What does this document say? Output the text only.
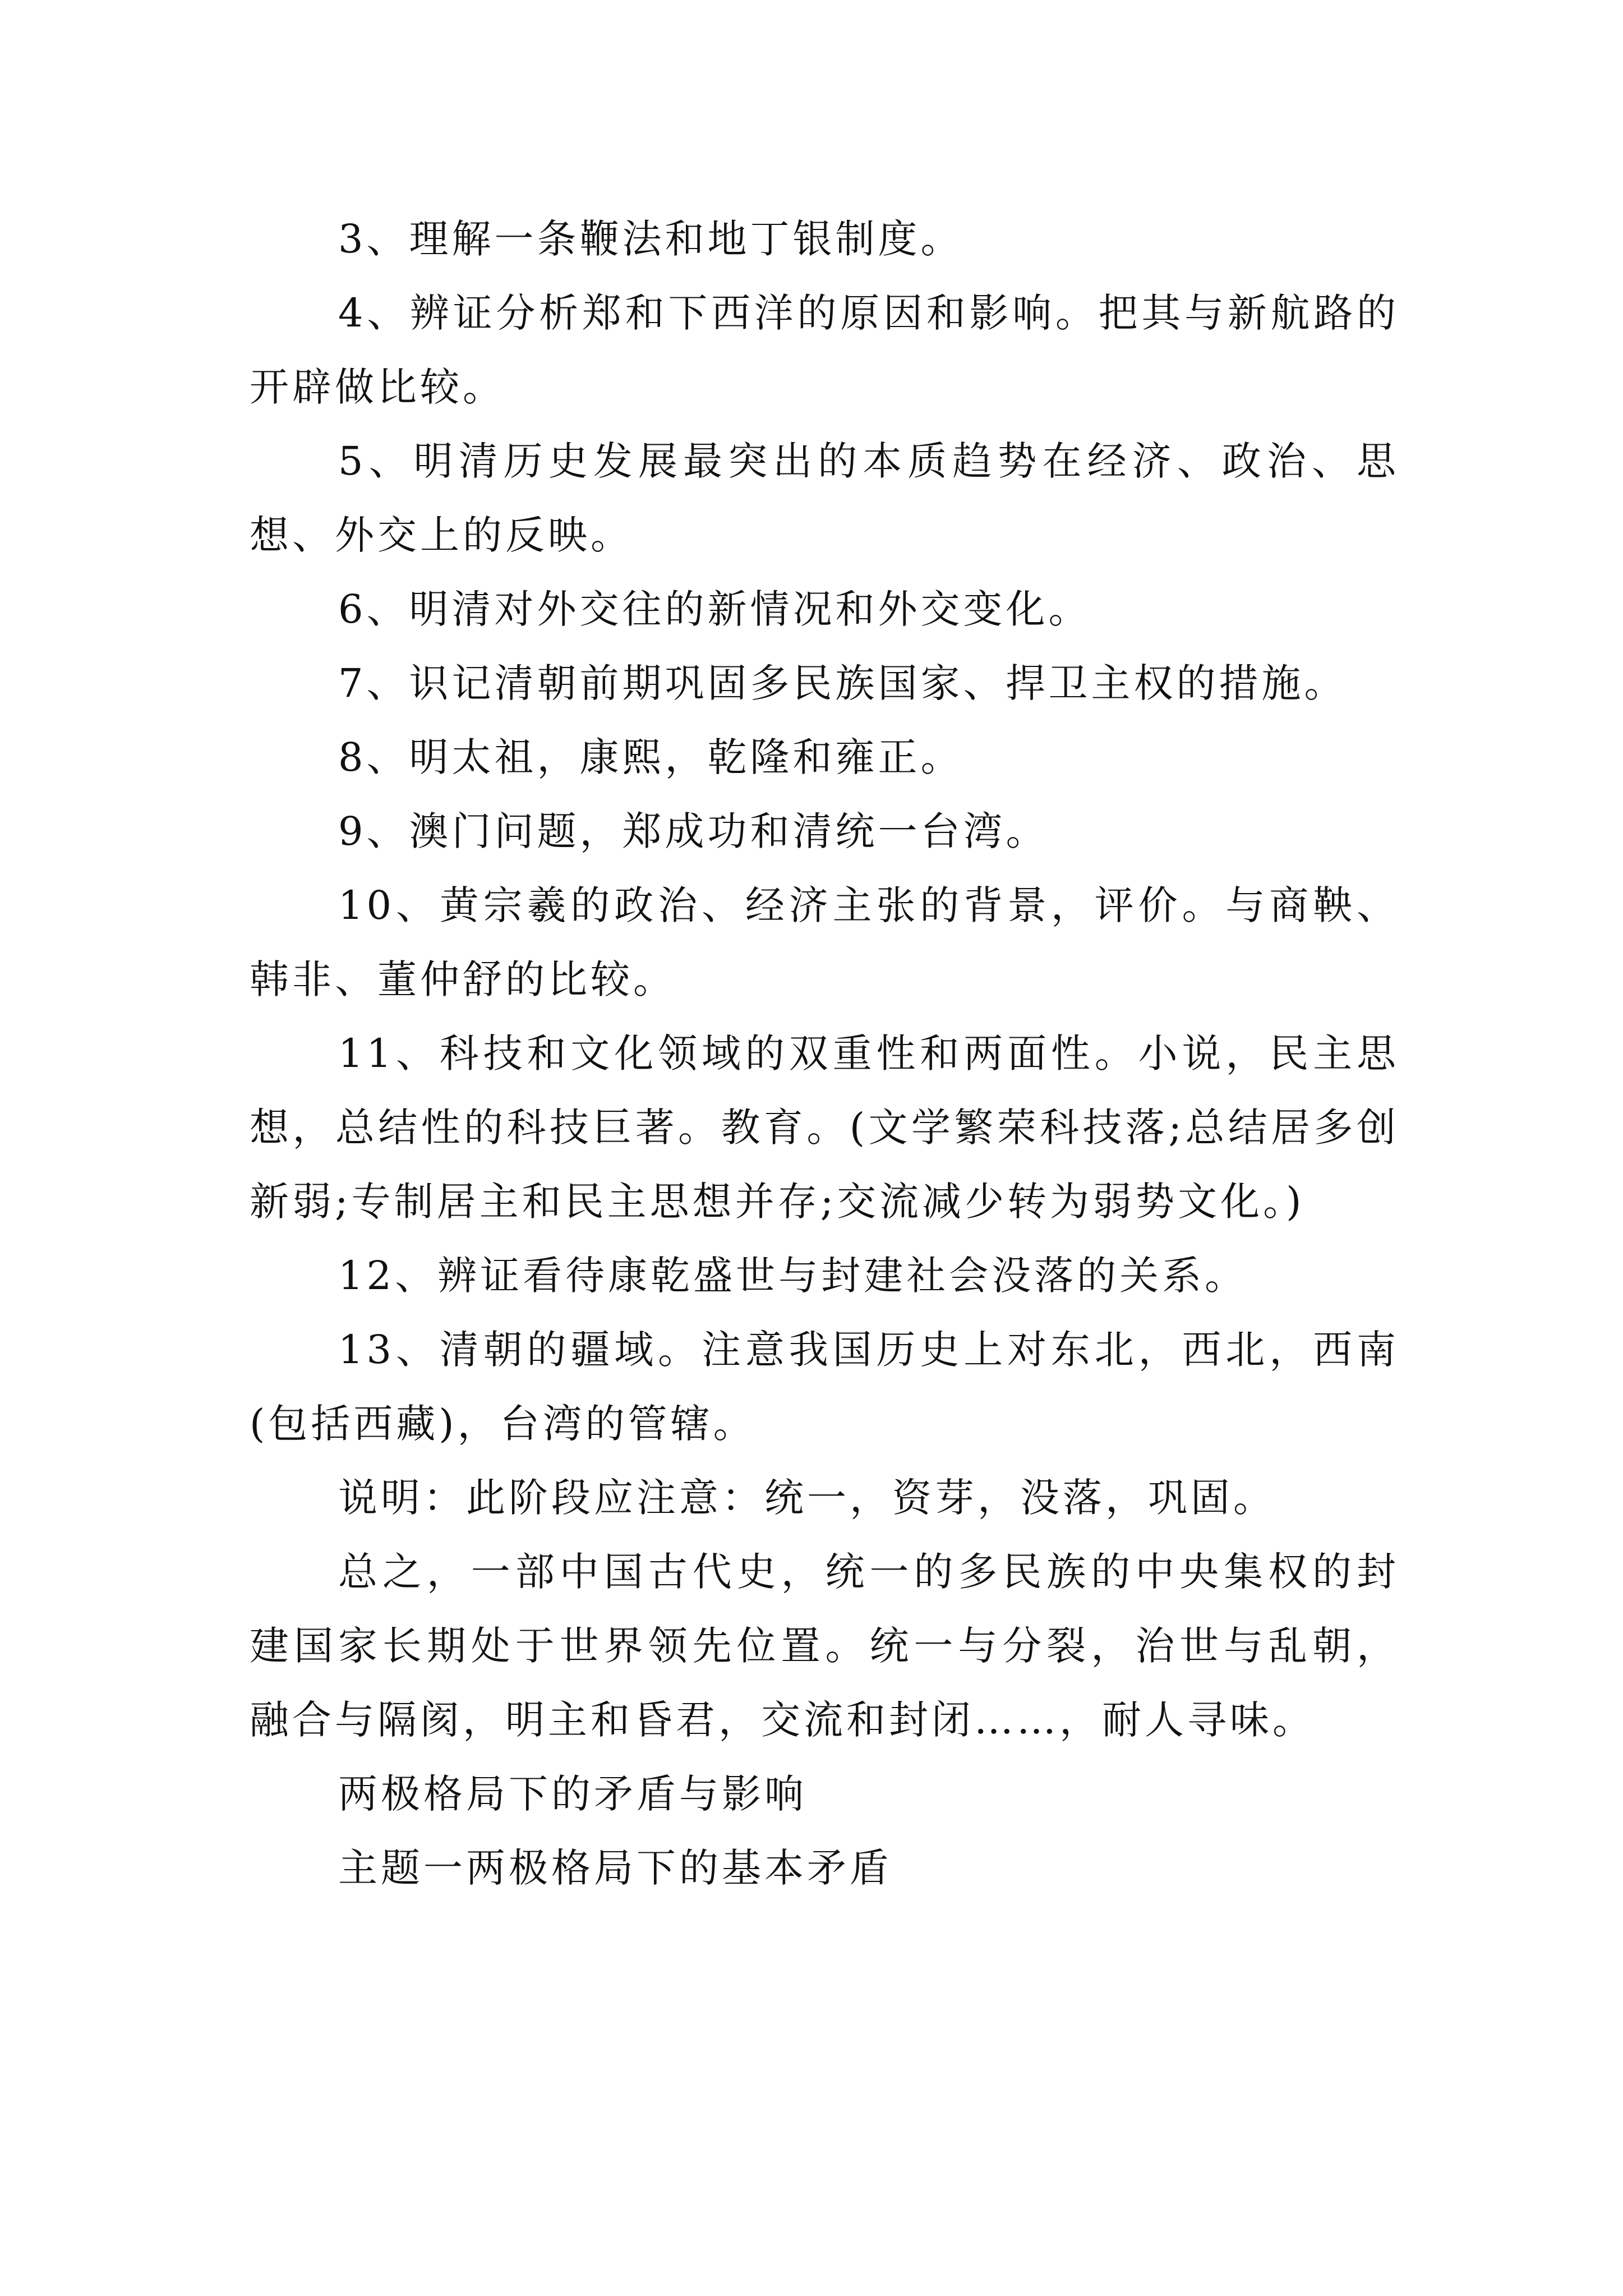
3、理解一条鞭法和地丁银制度。

4、辨证分析郑和下西洋的原因和影响。把其与新航路的开辟做比较。

5、明清历史发展最突出的本质趋势在经济、政治、思想、外交上的反映。

6、明清对外交往的新情况和外交变化。

7、识记清朝前期巩固多民族国家、捍卫主权的措施。

8、明太祖，康熙，乾隆和雍正。

9、澳门问题，郑成功和清统一台湾。

10、黄宗羲的政治、经济主张的背景，评价。与商鞅、韩非、董仲舒的比较。

11、科技和文化领域的双重性和两面性。小说，民主思想，总结性的科技巨著。教育。(文学繁荣科技落;总结居多创新弱;专制居主和民主思想并存;交流减少转为弱势文化。)

12、辨证看待康乾盛世与封建社会没落的关系。

13、清朝的疆域。注意我国历史上对东北，西北，西南(包括西藏)，台湾的管辖。

说明：此阶段应注意：统一，资芽，没落，巩固。

总之，一部中国古代史，统一的多民族的中央集权的封建国家长期处于世界领先位置。统一与分裂，治世与乱朝，融合与隔阂，明主和昏君，交流和封闭……，耐人寻味。

两极格局下的矛盾与影响

主题一两极格局下的基本矛盾
